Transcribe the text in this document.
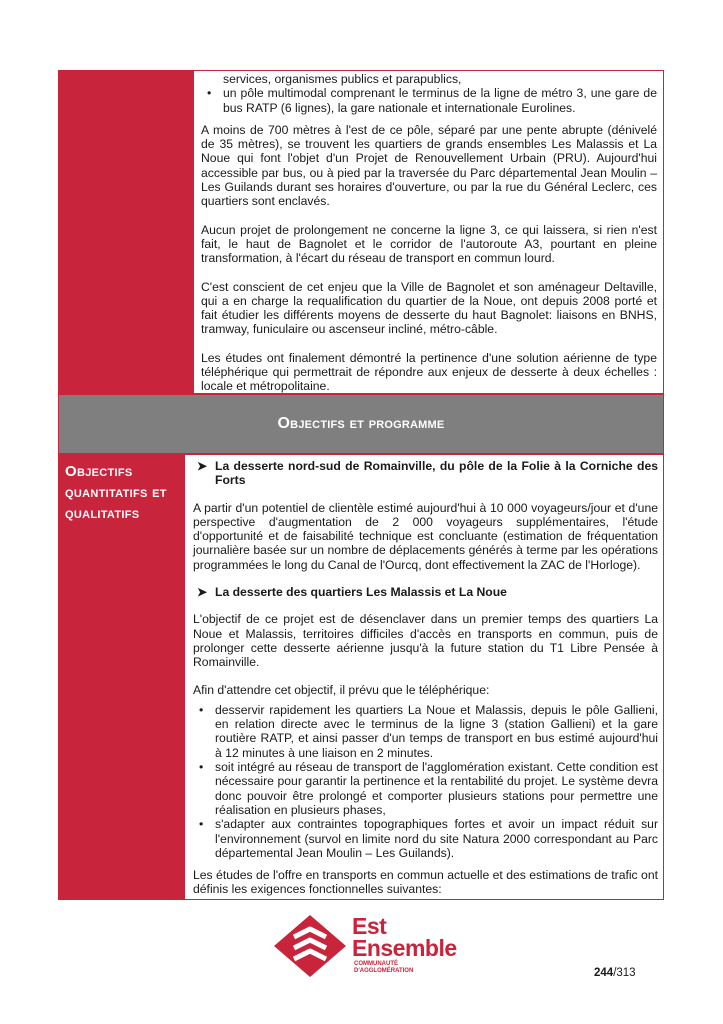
services, organismes publics et parapublics,
• un pôle multimodal comprenant le terminus de la ligne de métro 3, une gare de bus RATP (6 lignes), la gare nationale et internationale Eurolines.

A moins de 700 mètres à l'est de ce pôle, séparé par une pente abrupte (dénivelé de 35 mètres), se trouvent les quartiers de grands ensembles Les Malassis et La Noue qui font l'objet d'un Projet de Renouvellement Urbain (PRU). Aujourd'hui accessible par bus, ou à pied par la traversée du Parc départemental Jean Moulin – Les Guilands durant ses horaires d'ouverture, ou par la rue du Général Leclerc, ces quartiers sont enclavés.

Aucun projet de prolongement ne concerne la ligne 3, ce qui laissera, si rien n'est fait, le haut de Bagnolet et le corridor de l'autoroute A3, pourtant en pleine transformation, à l'écart du réseau de transport en commun lourd.

C'est conscient de cet enjeu que la Ville de Bagnolet et son aménageur Deltaville, qui a en charge la requalification du quartier de la Noue, ont depuis 2008 porté et fait étudier les différents moyens de desserte du haut Bagnolet: liaisons en BNHS, tramway, funiculaire ou ascenseur incliné, métro-câble.

Les études ont finalement démontré la pertinence d'une solution aérienne de type téléphérique qui permettrait de répondre aux enjeux de desserte à deux échelles : locale et métropolitaine.

Objectifs et programme
Objectifs quantitatifs et qualitatifs
➤ La desserte nord-sud de Romainville, du pôle de la Folie à la Corniche des Forts

A partir d'un potentiel de clientèle estimé aujourd'hui à 10 000 voyageurs/jour et d'une perspective d'augmentation de 2 000 voyageurs supplémentaires, l'étude d'opportunité et de faisabilité technique est concluante (estimation de fréquentation journalière basée sur un nombre de déplacements générés à terme par les opérations programmées le long du Canal de l'Ourcq, dont effectivement la ZAC de l'Horloge).

➤ La desserte des quartiers Les Malassis et La Noue

L'objectif de ce projet est de désenclaver dans un premier temps des quartiers La Noue et Malassis, territoires difficiles d'accès en transports en commun, puis de prolonger cette desserte aérienne jusqu'à la future station du T1 Libre Pensée à Romainville.

Afin d'attendre cet objectif, il prévu que le téléphérique:

• desservir rapidement les quartiers La Noue et Malassis, depuis le pôle Gallieni, en relation directe avec le terminus de la ligne 3 (station Gallieni) et la gare routière RATP, et ainsi passer d'un temps de transport en bus estimé aujourd'hui à 12 minutes à une liaison en 2 minutes.
• soit intégré au réseau de transport de l'agglomération existant. Cette condition est nécessaire pour garantir la pertinence et la rentabilité du projet. Le système devra donc pouvoir être prolongé et comporter plusieurs stations pour permettre une réalisation en plusieurs phases,
• s'adapter aux contraintes topographiques fortes et avoir un impact réduit sur l'environnement (survol en limite nord du site Natura 2000 correspondant au Parc départemental Jean Moulin – Les Guilands).

Les études de l'offre en transports en commun actuelle et des estimations de trafic ont définis les exigences fonctionnelles suivantes:

Est
Ensemble
COMMUNAUTÉ
D'AGGLOMÉRATION	244/313
